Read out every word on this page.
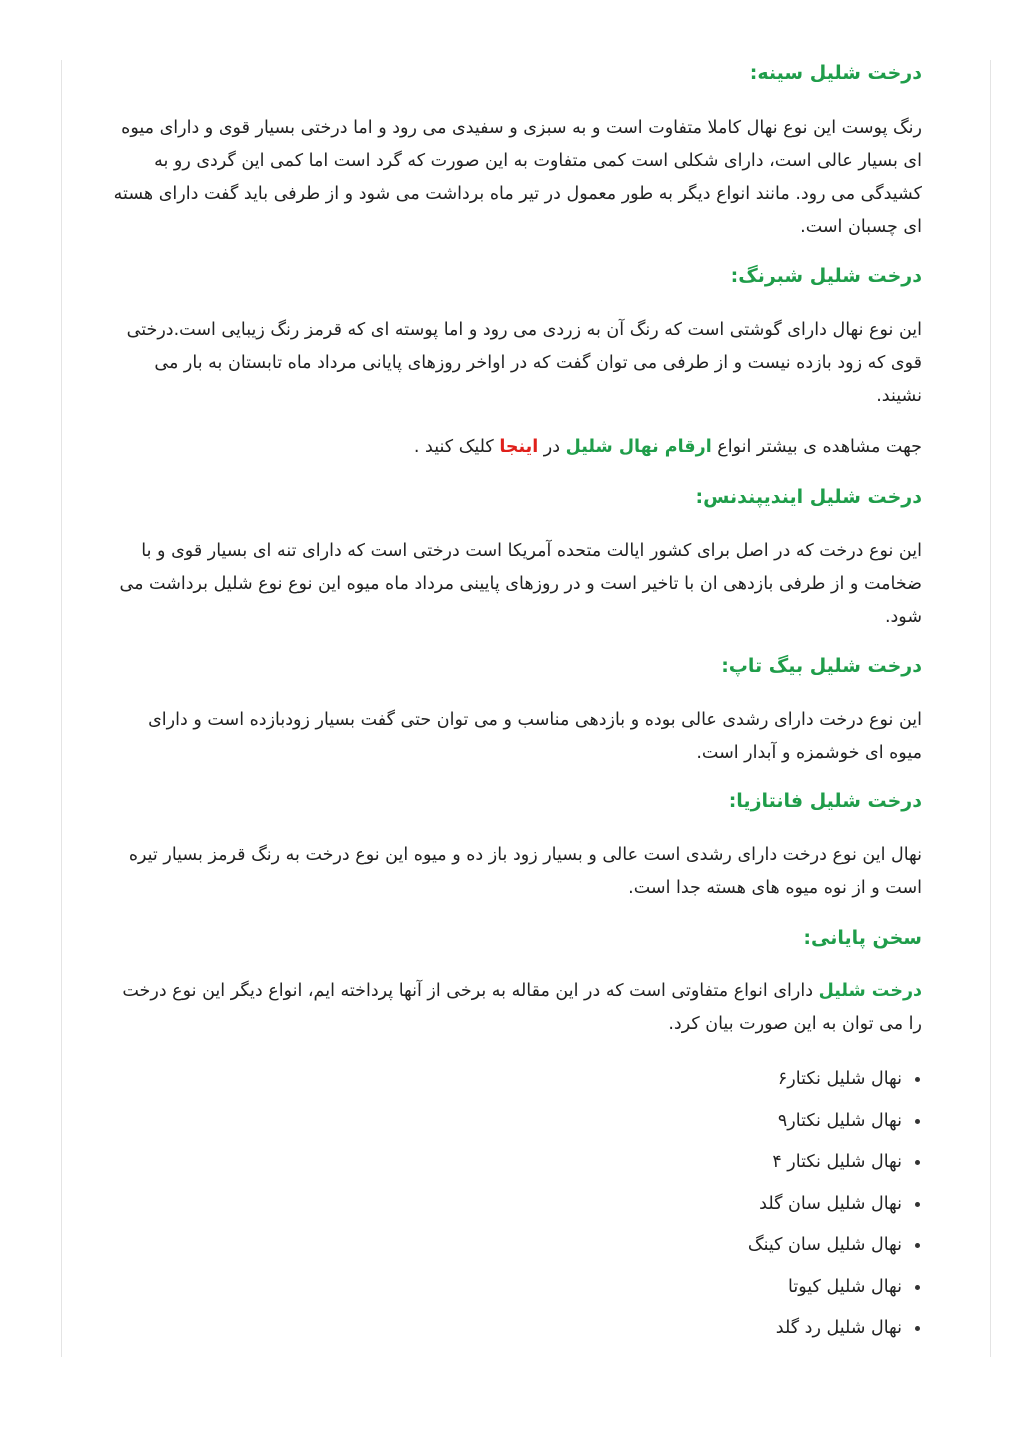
درخت شلیل سینه:

رنگ پوست این نوع نهال کاملا متفاوت است و به سبزی و سفیدی می رود و اما درختی بسیار قوی و دارای میوه ای بسیار عالی است، دارای شکلی است کمی متفاوت به این صورت که گرد است اما کمی این گردی رو به کشیدگی می رود. مانند انواع دیگر به طور معمول در تیر ماه برداشت می شود و از طرفی باید گفت دارای هسته ای چسبان است.

درخت شلیل شبرنگ:

این نوع نهال دارای گوشتی است که رنگ آن به زردی می رود و اما پوسته ای که قرمز رنگ زیبایی است.درختی قوی که زود بازده نیست و از طرفی می توان گفت که در اواخر روزهای پایانی مرداد ماه تابستان به بار می نشیند.

جهت مشاهده ی بیشتر انواع ارقام نهال شلیل در اینجا کلیک کنید .

درخت شلیل ایندیپندنس:

این نوع درخت که در اصل برای کشور ایالت متحده آمریکا است درختی است که دارای تنه ای بسیار قوی و با ضخامت و از طرفی بازدهی ان با تاخیر است و در روزهای پایینی مرداد ماه میوه این نوع نوع شلیل برداشت می شود.

درخت شلیل بیگ تاپ:

این نوع درخت دارای رشدی عالی بوده و بازدهی مناسب و می توان حتی گفت بسیار زودبازده است و دارای میوه ای خوشمزه و آبدار است.

درخت شلیل فانتازیا:

نهال این نوع درخت دارای رشدی است عالی و بسیار زود باز ده و میوه این نوع درخت به رنگ قرمز بسیار تیره است و از نوه میوه های هسته جدا است.

سخن پایانی:

درخت شلیل دارای انواع متفاوتی است که در این مقاله به برخی از آنها پرداخته ایم، انواع دیگر این نوع درخت را می توان به این صورت بیان کرد.

نهال شلیل نکتار۶
نهال شلیل نکتار۹
نهال شلیل نکتار ۴
نهال شلیل سان گلد
نهال شلیل سان کینگ
نهال شلیل کیوتا
نهال شلیل رد گلد
